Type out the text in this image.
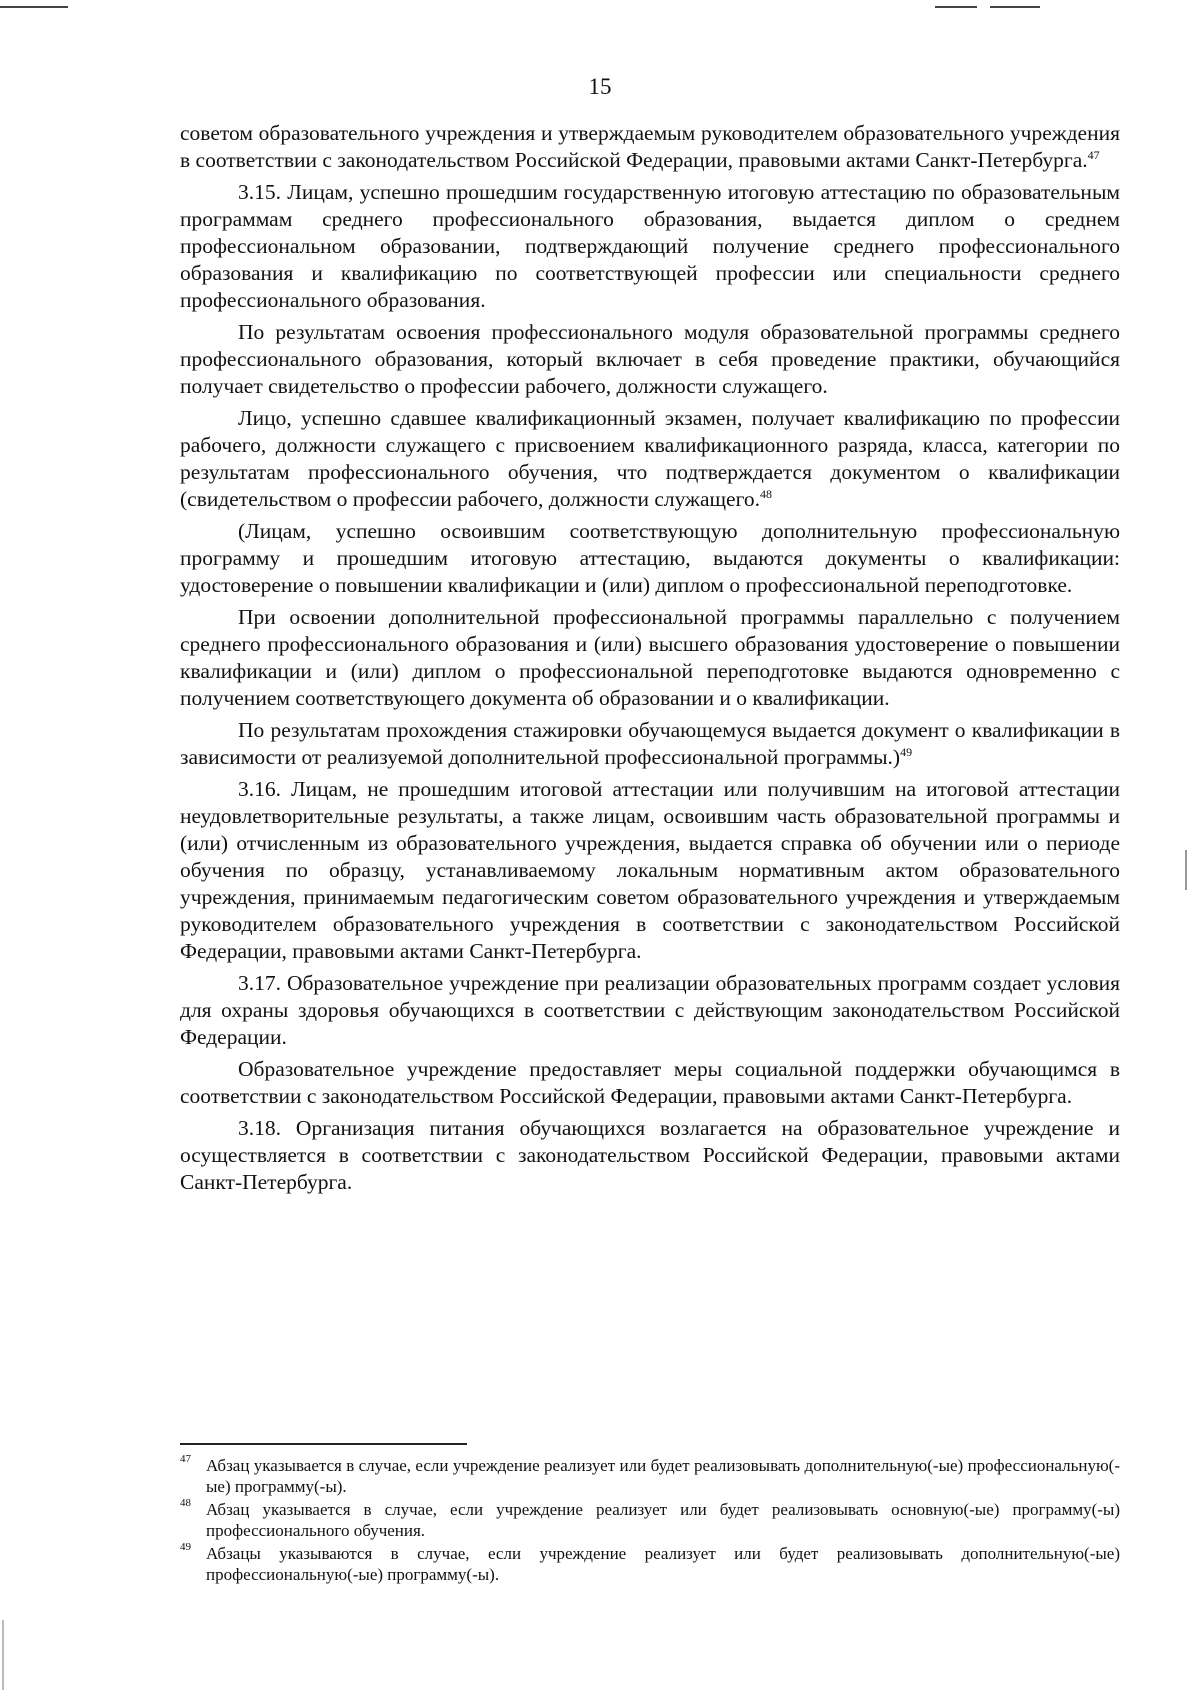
15

советом образовательного учреждения и утверждаемым руководителем образовательного учреждения в соответствии с законодательством Российской Федерации, правовыми актами Санкт-Петербурга.$^{47}$

3.15. Лицам, успешно прошедшим государственную итоговую аттестацию по образовательным программам среднего профессионального образования, выдается диплом о среднем профессиональном образовании, подтверждающий получение среднего профессионального образования и квалификацию по соответствующей профессии или специальности среднего профессионального образования.

По результатам освоения профессионального модуля образовательной программы среднего профессионального образования, который включает в себя проведение практики, обучающийся получает свидетельство о профессии рабочего, должности служащего.

Лицо, успешно сдавшее квалификационный экзамен, получает квалификацию по профессии рабочего, должности служащего с присвоением квалификационного разряда, класса, категории по результатам профессионального обучения, что подтверждается документом о квалификации (свидетельством о профессии рабочего, должности служащего.$^{48}$

(Лицам, успешно освоившим соответствующую дополнительную профессиональную программу и прошедшим итоговую аттестацию, выдаются документы о квалификации: удостоверение о повышении квалификации и (или) диплом о профессиональной переподготовке.

При освоении дополнительной профессиональной программы параллельно с получением среднего профессионального образования и (или) высшего образования удостоверение о повышении квалификации и (или) диплом о профессиональной переподготовке выдаются одновременно с получением соответствующего документа об образовании и о квалификации.

По результатам прохождения стажировки обучающемуся выдается документ о квалификации в зависимости от реализуемой дополнительной профессиональной программы.)$^{49}$

3.16. Лицам, не прошедшим итоговой аттестации или получившим на итоговой аттестации неудовлетворительные результаты, а также лицам, освоившим часть образовательной программы и (или) отчисленным из образовательного учреждения, выдается справка об обучении или о периоде обучения по образцу, устанавливаемому локальным нормативным актом образовательного учреждения, принимаемым педагогическим советом образовательного учреждения и утверждаемым руководителем образовательного учреждения в соответствии с законодательством Российской Федерации, правовыми актами Санкт-Петербурга.

3.17. Образовательное учреждение при реализации образовательных программ создает условия для охраны здоровья обучающихся в соответствии с действующим законодательством Российской Федерации.

Образовательное учреждение предоставляет меры социальной поддержки обучающимся в соответствии с законодательством Российской Федерации, правовыми актами Санкт-Петербурга.

3.18. Организация питания обучающихся возлагается на образовательное учреждение и осуществляется в соответствии с законодательством Российской Федерации, правовыми актами Санкт-Петербурга.

47 Абзац указывается в случае, если учреждение реализует или будет реализовывать дополнительную(-ые) профессиональную(-ые) программу(-ы).
48 Абзац указывается в случае, если учреждение реализует или будет реализовывать основную(-ые) программу(-ы) профессионального обучения.
49 Абзацы указываются в случае, если учреждение реализует или будет реализовывать дополнительную(-ые) профессиональную(-ые) программу(-ы).
